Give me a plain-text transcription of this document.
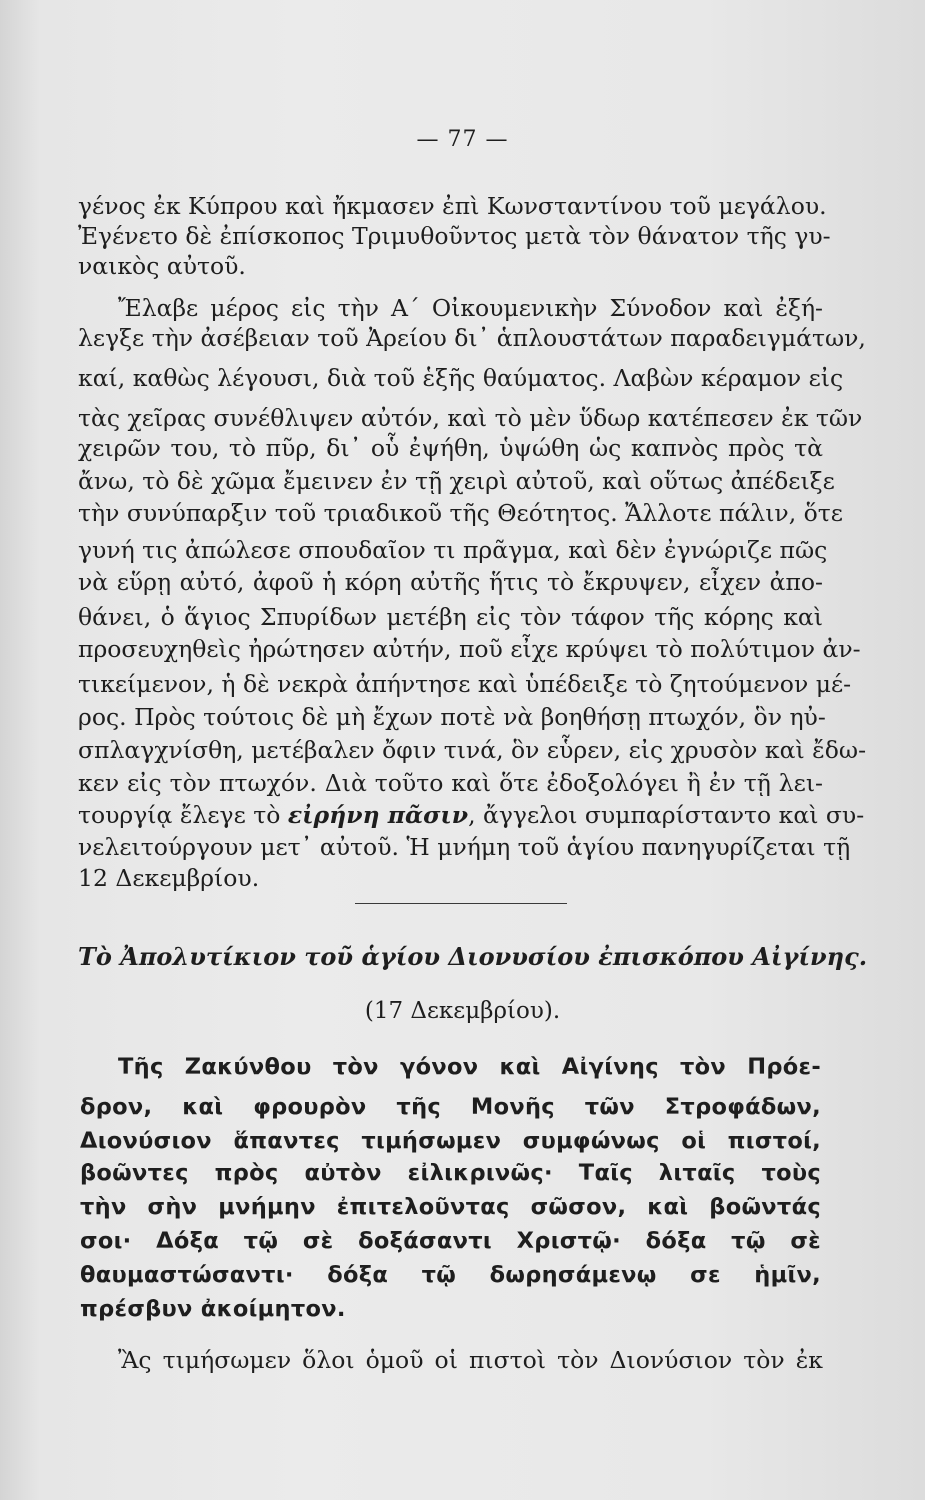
— 77 —
γένος ἐκ Κύπρου καὶ ἤκμασεν ἐπὶ Κωνσταντίνου τοῦ μεγάλου.
Ἐγένετο δὲ ἐπίσκοπος Τριμυθοῦντος μετὰ τὸν θάνατον τῆς γυ-
ναικὸς αὐτοῦ.
Ἔλαβε μέρος εἰς τὴν Α΄ Οἰκουμενικὴν Σύνοδον καὶ ἐξή-
λεγξε τὴν ἀσέβειαν τοῦ Ἀρείου δι᾿ ἁπλουστάτων παραδειγμάτων,
καί, καθὼς λέγουσι, διὰ τοῦ ἑξῆς θαύματος. Λαβὼν κέραμον εἰς
τὰς χεῖρας συνέθλιψεν αὐτόν, καὶ τὸ μὲν ὕδωρ κατέπεσεν ἐκ τῶν
χειρῶν του, τὸ πῦρ, δι᾿ οὗ ἐψήθη, ὑψώθη ὡς καπνὸς πρὸς τὰ
ἄνω, τὸ δὲ χῶμα ἔμεινεν ἐν τῇ χειρὶ αὐτοῦ, καὶ οὕτως ἀπέδειξε
τὴν συνύπαρξιν τοῦ τριαδικοῦ τῆς Θεότητος. Ἄλλοτε πάλιν, ὅτε
γυνή τις ἀπώλεσε σπουδαῖον τι πρᾶγμα, καὶ δὲν ἐγνώριζε πῶς
νὰ εὕρῃ αὐτό, ἀφοῦ ἡ κόρη αὐτῆς ἥτις τὸ ἔκρυψεν, εἶχεν ἀπο-
θάνει, ὁ ἅγιος Σπυρίδων μετέβη εἰς τὸν τάφον τῆς κόρης καὶ
προσευχηθεὶς ἠρώτησεν αὐτήν, ποῦ εἶχε κρύψει τὸ πολύτιμον ἀν-
τικείμενον, ἡ δὲ νεκρὰ ἀπήντησε καὶ ὑπέδειξε τὸ ζητούμενον μέ-
ρος. Πρὸς τούτοις δὲ μὴ ἔχων ποτὲ νὰ βοηθήσῃ πτωχόν, ὃν ηὐ-
σπλαγχνίσθη, μετέβαλεν ὄφιν τινά, ὃν εὗρεν, εἰς χρυσὸν καὶ ἔδω-
κεν εἰς τὸν πτωχόν. Διὰ τοῦτο καὶ ὅτε ἐδοξολόγει ἢ ἐν τῇ λει-
τουργίᾳ ἔλεγε τὸ εἰρήνη πᾶσιν, ἄγγελοι συμπαρίσταντο καὶ συ-
νελειτούργουν μετ᾿ αὐτοῦ. Ἡ μνήμη τοῦ ἁγίου πανηγυρίζεται τῇ
12 Δεκεμβρίου.
Τὸ Ἀπολυτίκιον τοῦ ἁγίου Διονυσίου ἐπισκόπου Αἰγίνης.
(17 Δεκεμβρίου).
Τῆς Ζακύνθου τὸν γόνον καὶ Αἰγίνης τὸν Πρόε-
δρον, καὶ φρουρὸν τῆς Μονῆς τῶν Στροφάδων,
Διονύσιον ἅπαντες τιμήσωμεν συμφώνως οἱ πιστοί,
βοῶντες πρὸς αὐτὸν εἰλικρινῶς· Ταῖς λιταῖς τοὺς
τὴν σὴν μνήμην ἐπιτελοῦντας σῶσον, καὶ βοῶντάς
σοι· Δόξα τῷ σὲ δοξάσαντι Χριστῷ· δόξα τῷ σὲ
θαυμαστώσαντι· δόξα τῷ δωρησάμενῳ σε ἡμῖν,
πρέσβυν ἀκοίμητον.
Ἂς τιμήσωμεν ὅλοι ὁμοῦ οἱ πιστοὶ τὸν Διονύσιον τὸν ἐκ
